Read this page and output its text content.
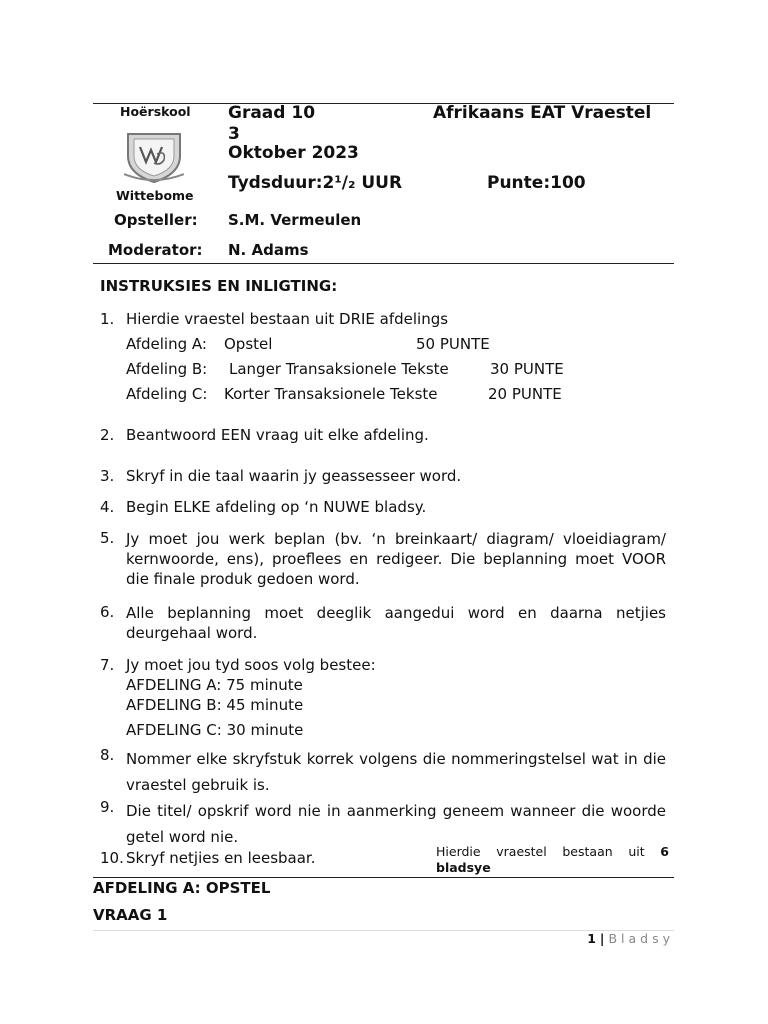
Hoërskool
Wittebome
Graad 10	Afrikaans EAT Vraestel
3
Oktober 2023
Tydsduur:2¹/₂ UUR	Punte:100
Opsteller: S.M. Vermeulen
Moderator: N. Adams
INSTRUKSIES EN INLIGTING:
1. Hierdie vraestel bestaan uit DRIE afdelings
Afdeling A: Opstel	50 PUNTE
Afdeling B: Langer Transaksionele Tekste	30 PUNTE
Afdeling C: Korter Transaksionele Tekste	20 PUNTE
2. Beantwoord EEN vraag uit elke afdeling.
3. Skryf in die taal waarin jy geassesseer word.
4. Begin ELKE afdeling op ‘n NUWE bladsy.
5. Jy moet jou werk beplan (bv. ‘n breinkaart/ diagram/ vloeidiagram/ kernwoorde, ens), proeflees en redigeer. Die beplanning moet VOOR die finale produk gedoen word.
6. Alle beplanning moet deeglik aangedui word en daarna netjies deurgehaal word.
7. Jy moet jou tyd soos volg bestee:
AFDELING A: 75 minute
AFDELING B: 45 minute
AFDELING C: 30 minute
8. Nommer elke skryfstuk korrek volgens die nommeringstelsel wat in die vraestel gebruik is.
9. Die titel/ opskrif word nie in aanmerking geneem wanneer die woorde getel word nie.
10. Skryf netjies en leesbaar.	Hierdie vraestel bestaan uit 6
bladsye
AFDELING A: OPSTEL
VRAAG 1
1 | Bladsy
